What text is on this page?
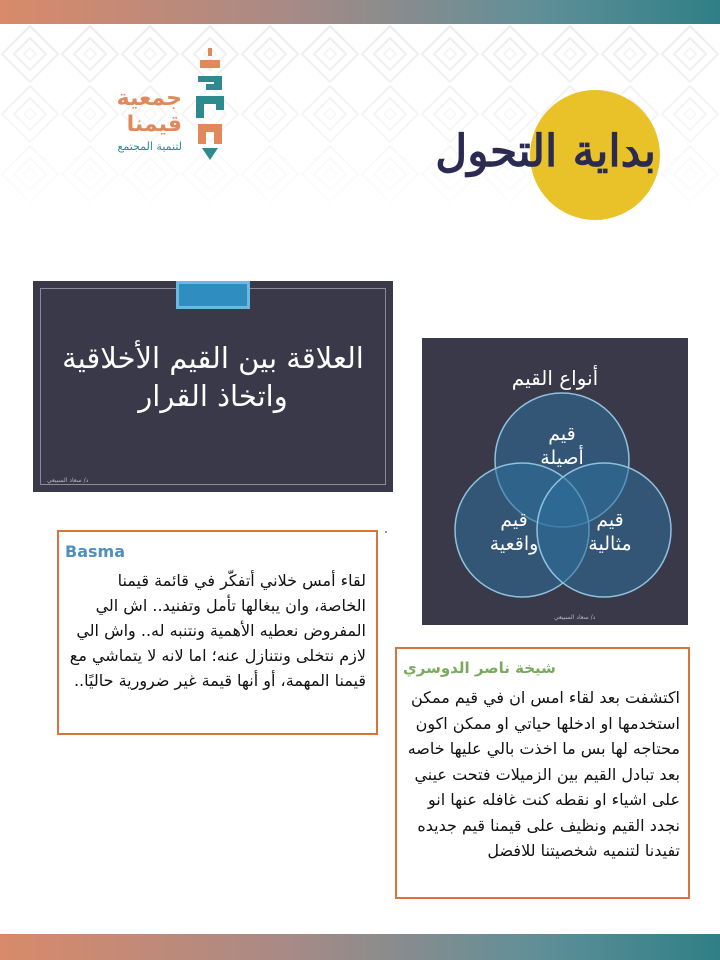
جمعية
قيمنا
لتنمية المجتمع	بداية التحول
العلاقة بين القيم الأخلاقية واتخاذ القرار
د/ سعاد السبيعي
أنواع القيم
قيم أصيلة
قيم واقعية
قيم مثالية
د/ سعاد السبيعي
Basma
لقاء أمس خلاني أتفكّر في قائمة قيمنا الخاصة، وان يبغالها تأمل وتفنيد.. اش الي المفروض نعطيه الأهمية ونتنبه له.. واش الي لازم نتخلى ونتنازل عنه؛ اما لانه لا يتماشي مع قيمنا المهمة، أو أنها قيمة غير ضرورية حاليًا..
شيخة ناصر الدوسري
اكتشفت بعد لقاء امس ان في قيم ممكن استخدمها او ادخلها حياتي او ممكن اكون محتاجه لها بس ما اخذت بالي عليها خاصه بعد تبادل القيم بين الزميلات فتحت عيني على اشياء او نقطه كنت غافله عنها انو نجدد القيم ونظيف على قيمنا قيم جديده تفيدنا لتنميه شخصيتنا للافضل
